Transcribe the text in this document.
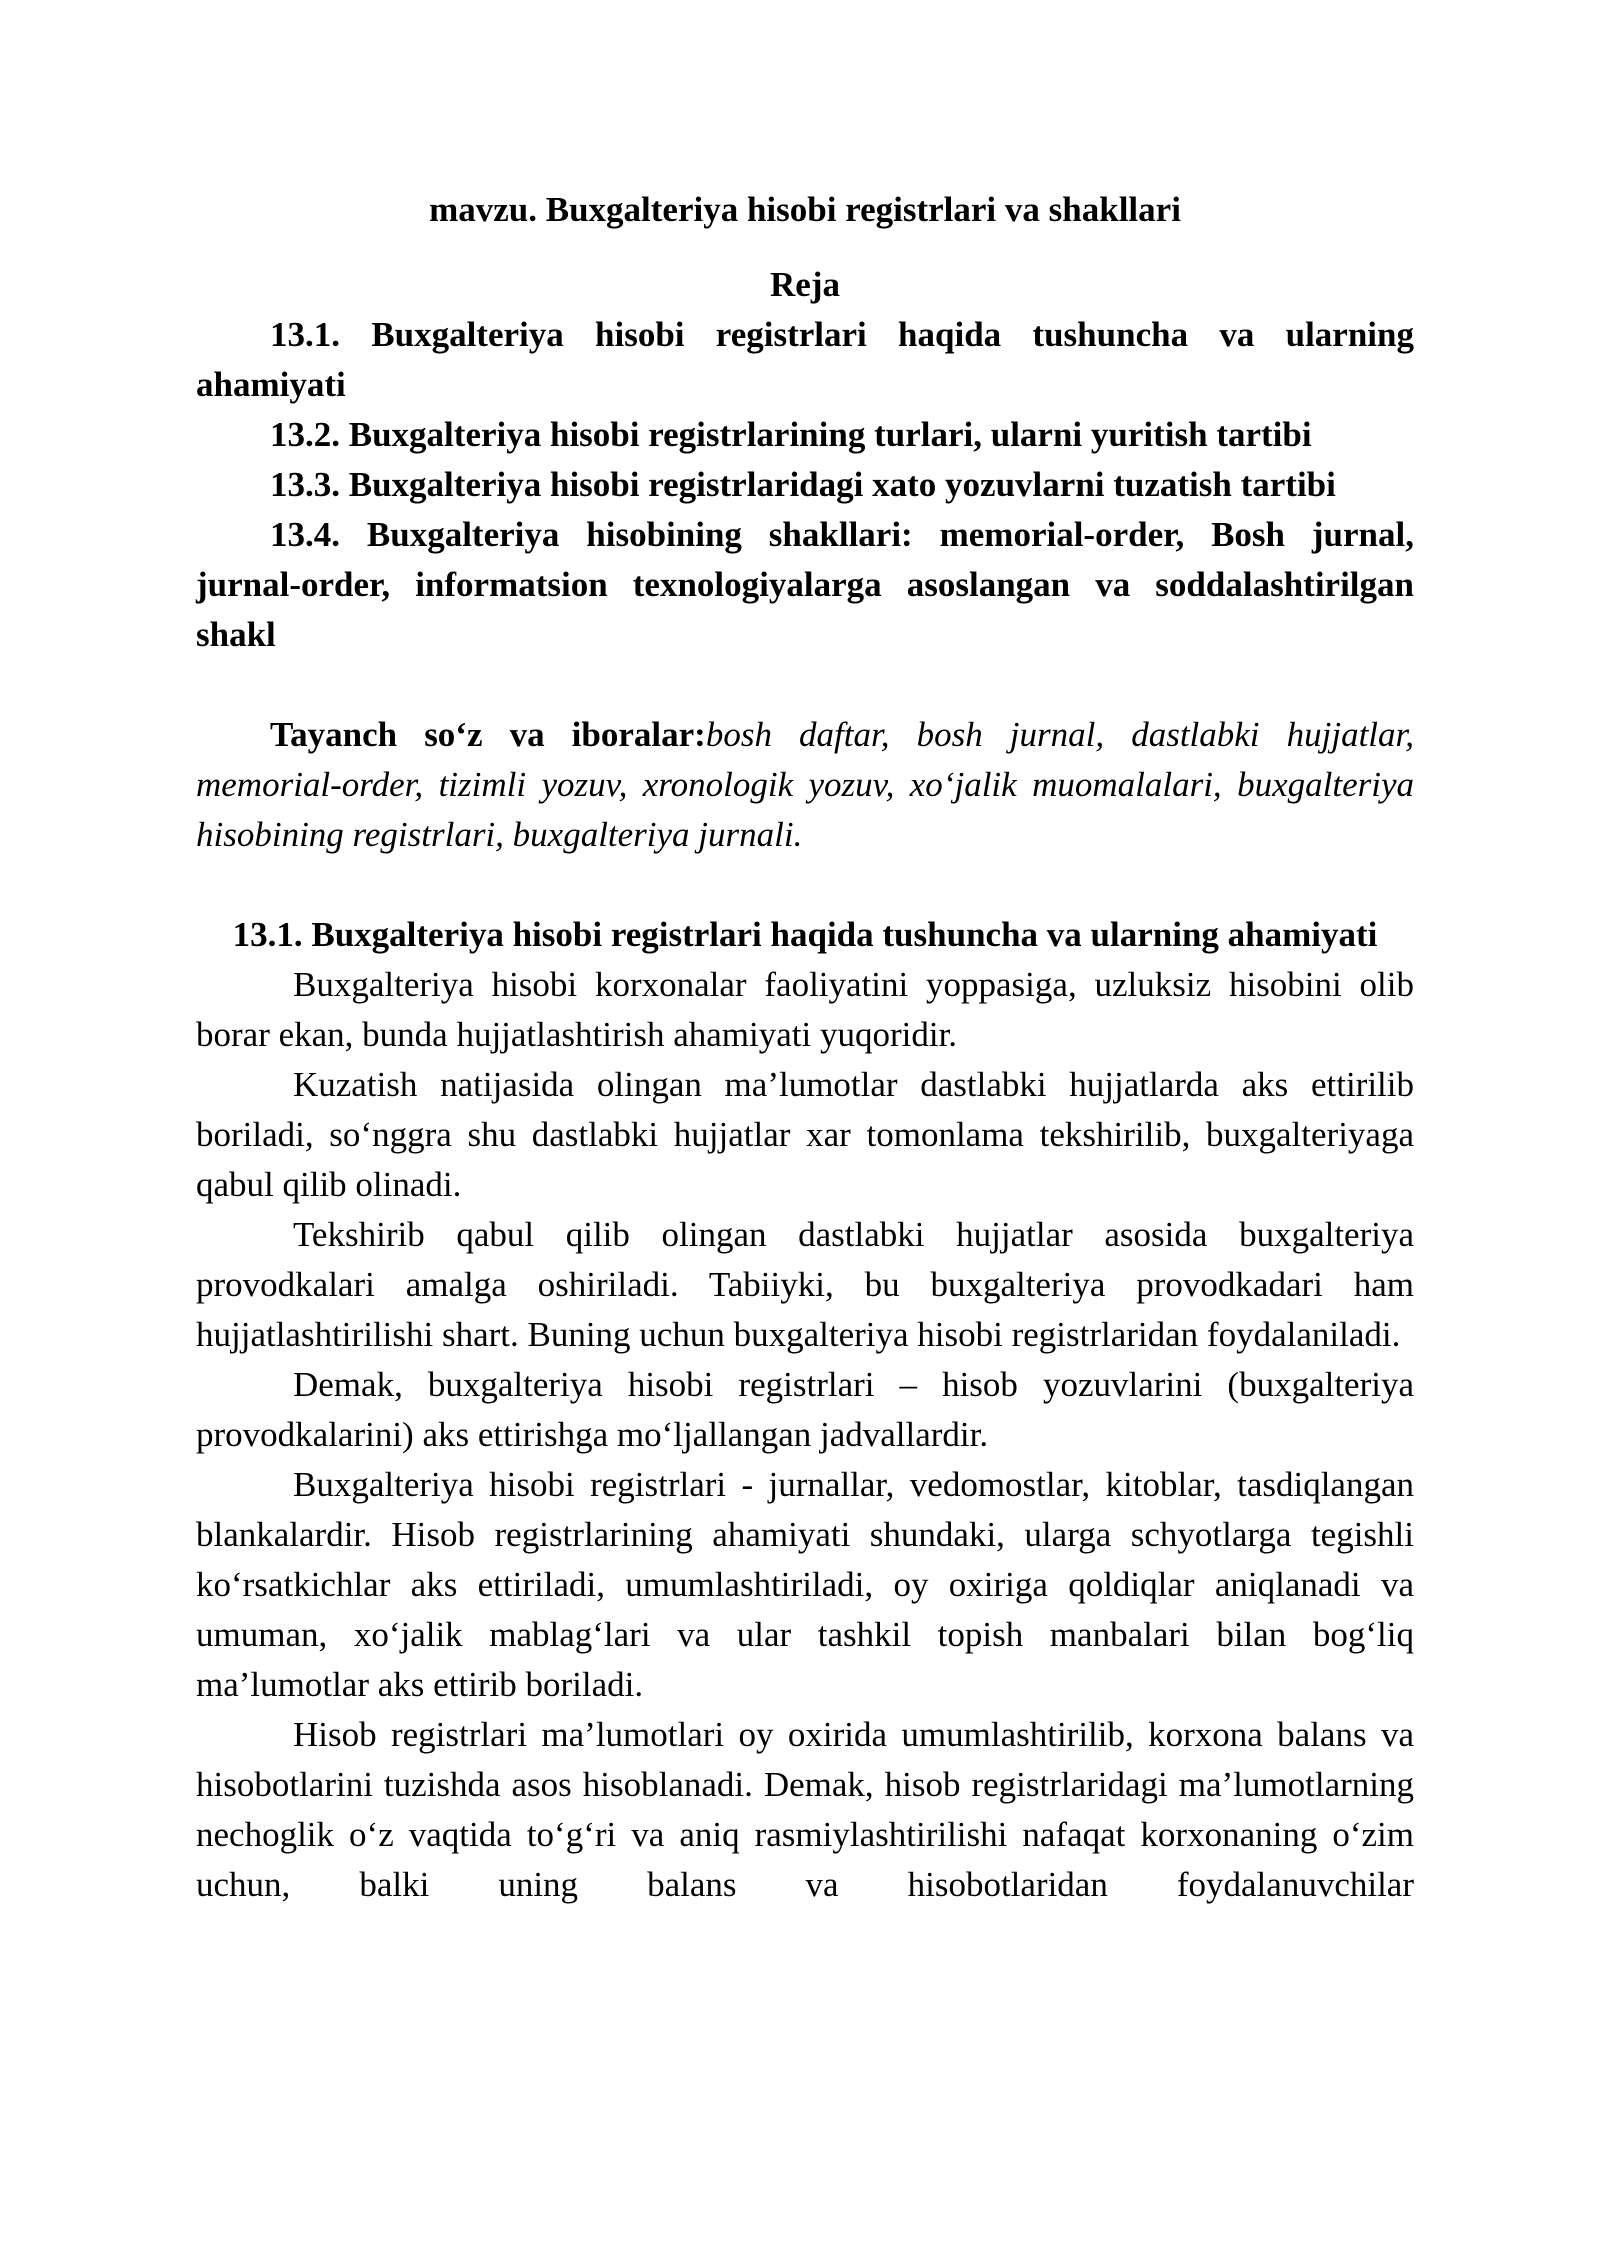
mavzu. Buxgalteriya hisobi registrlari va shakllari

Reja

13.1. Buxgalteriya hisobi registrlari haqida tushuncha va ularning ahamiyati

13.2. Buxgalteriya hisobi registrlarining turlari, ularni yuritish tartibi

13.3. Buxgalteriya hisobi registrlaridagi xato yozuvlarni tuzatish tartibi

13.4. Buxgalteriya hisobining shakllari: memorial-order, Bosh jurnal, jurnal-order, informatsion texnologiyalarga asoslangan va soddalashtirilgan shakl

Tayanch so‘z va iboralar:bosh daftar, bosh jurnal, dastlabki hujjatlar, memorial-order, tizimli yozuv, xronologik yozuv, xo‘jalik muomalalari, buxgalteriya hisobining registrlari, buxgalteriya jurnali.

13.1. Buxgalteriya hisobi registrlari haqida tushuncha va ularning ahamiyati

Buxgalteriya hisobi korxonalar faoliyatini yoppasiga, uzluksiz hisobini olib borar ekan, bunda hujjatlashtirish ahamiyati yuqoridir.

Kuzatish natijasida olingan ma’lumotlar dastlabki hujjatlarda aks ettirilib boriladi, so‘nggra shu dastlabki hujjatlar xar tomonlama tekshirilib, buxgalteriyaga qabul qilib olinadi.

Tekshirib qabul qilib olingan dastlabki hujjatlar asosida buxgalteriya provodkalari amalga oshiriladi. Tabiiyki, bu buxgalteriya provodkadari ham hujjatlashtirilishi shart. Buning uchun buxgalteriya hisobi registrlaridan foydalaniladi.

Demak, buxgalteriya hisobi registrlari – hisob yozuvlarini (buxgalteriya provodkalarini) aks ettirishga mo‘ljallangan jadvallardir.

Buxgalteriya hisobi registrlari - jurnallar, vedomostlar, kitoblar, tasdiqlangan blankalardir. Hisob registrlarining ahamiyati shundaki, ularga schyotlarga tegishli ko‘rsatkichlar aks ettiriladi, umumlashtiriladi, oy oxiriga qoldiqlar aniqlanadi va umuman, xo‘jalik mablag‘lari va ular tashkil topish manbalari bilan bog‘liq ma’lumotlar aks ettirib boriladi.

Hisob registrlari ma’lumotlari oy oxirida umumlashtirilib, korxona balans va hisobotlarini tuzishda asos hisoblanadi. Demak, hisob registrlaridagi ma’lumotlarning nechoglik o‘z vaqtida to‘g‘ri va aniq rasmiylashtirilishi nafaqat korxonaning o‘zim uchun, balki uning balans va hisobotlaridan foydalanuvchilar
